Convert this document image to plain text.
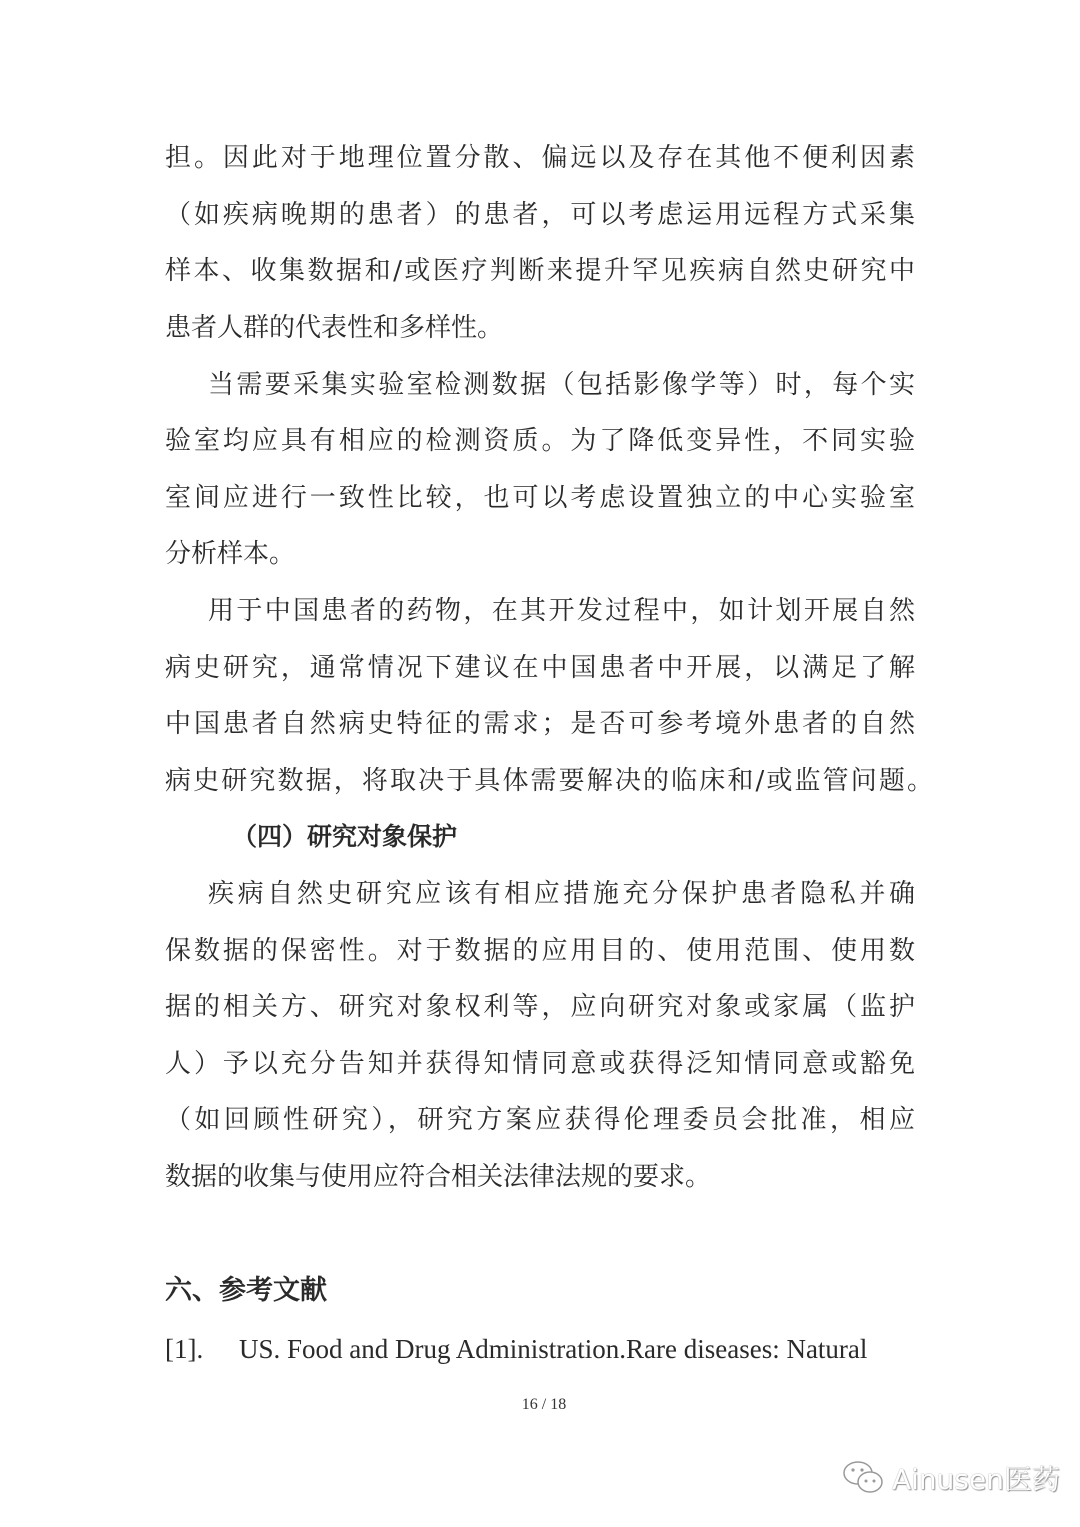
担。因此对于地理位置分散、偏远以及存在其他不便利因素
（如疾病晚期的患者）的患者，可以考虑运用远程方式采集
样本、收集数据和/或医疗判断来提升罕见疾病自然史研究中
患者人群的代表性和多样性。
当需要采集实验室检测数据（包括影像学等）时，每个实
验室均应具有相应的检测资质。为了降低变异性，不同实验
室间应进行一致性比较，也可以考虑设置独立的中心实验室
分析样本。
用于中国患者的药物，在其开发过程中，如计划开展自然
病史研究，通常情况下建议在中国患者中开展，以满足了解
中国患者自然病史特征的需求；是否可参考境外患者的自然
病史研究数据，将取决于具体需要解决的临床和/或监管问题。
（四）研究对象保护
疾病自然史研究应该有相应措施充分保护患者隐私并确
保数据的保密性。对于数据的应用目的、使用范围、使用数
据的相关方、研究对象权利等，应向研究对象或家属（监护
人）予以充分告知并获得知情同意或获得泛知情同意或豁免
（如回顾性研究），研究方案应获得伦理委员会批准，相应
数据的收集与使用应符合相关法律法规的要求。
六、参考文献
[1]. US. Food and Drug Administration.Rare diseases: Natural
16 / 18
Ainusen医药
